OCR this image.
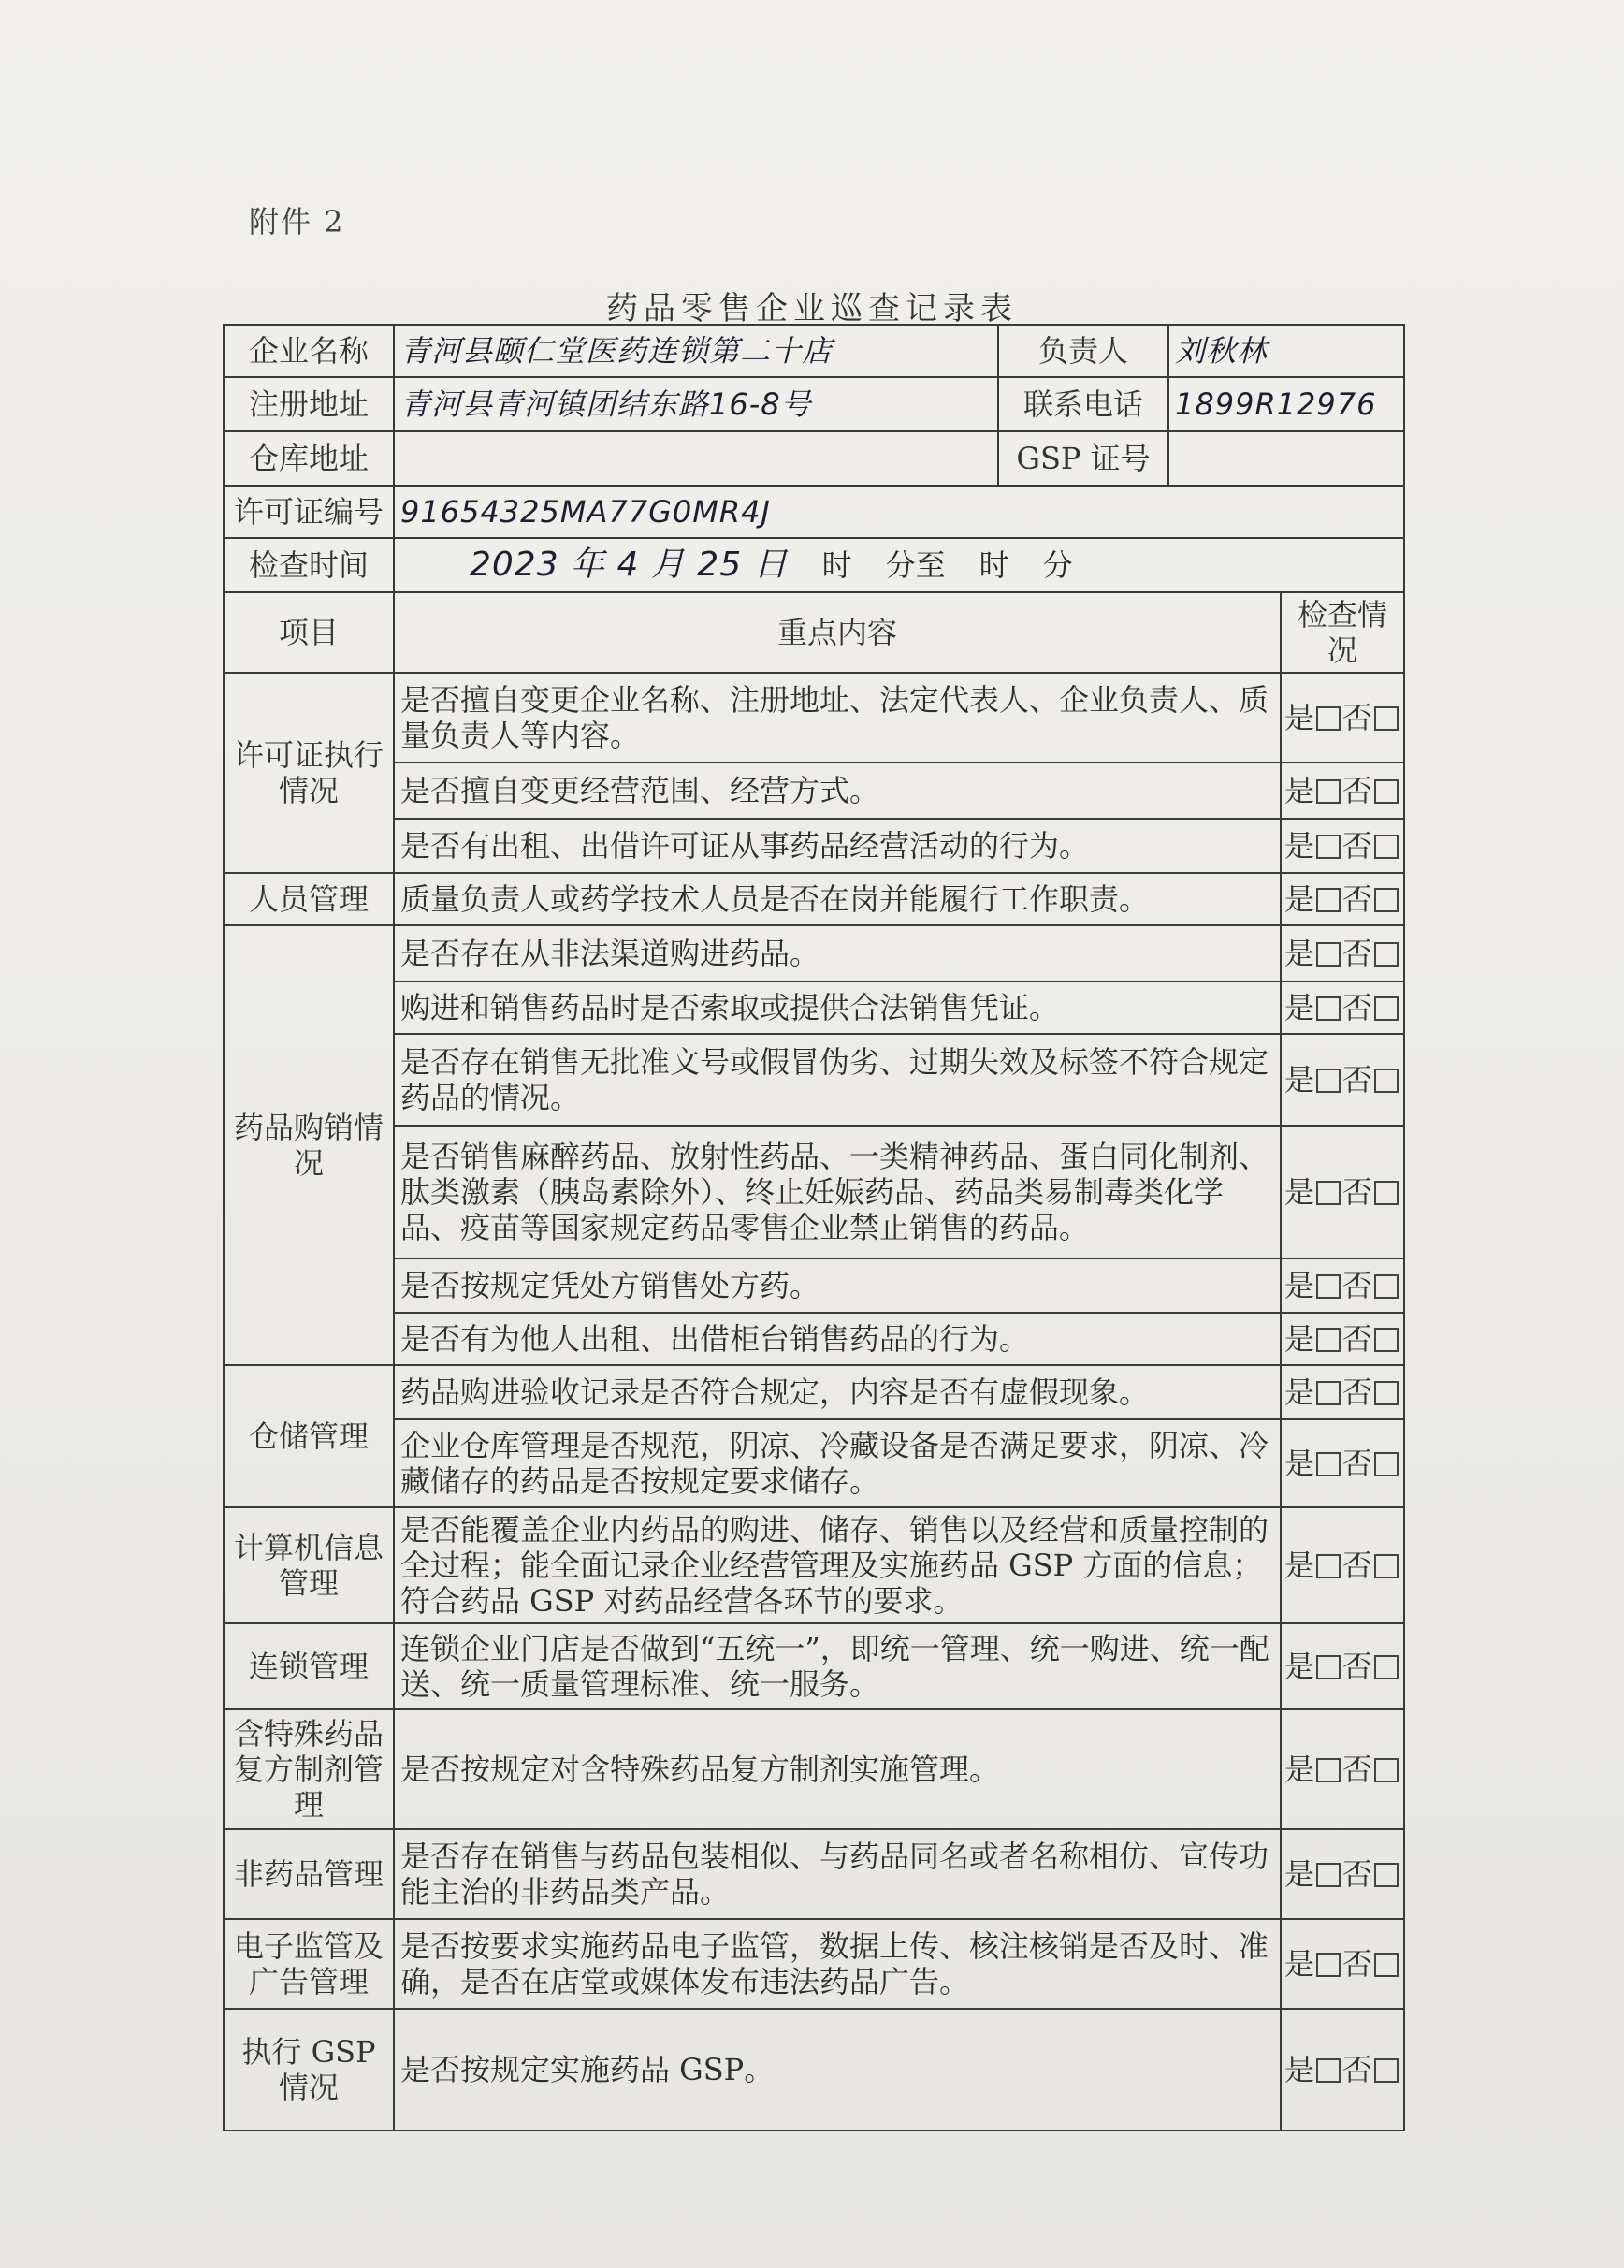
附件 2
药品零售企业巡查记录表
企业名称	青河县颐仁堂医药连锁第二十店	负责人	刘秋林	
注册地址	青河县青河镇团结东路16-8号	联系电话	1899R12976	
仓库地址		GSP 证号		
许可证编号	91654325MA77G0MR4J			
检查时间	2023 年 4 月 25 日 时 分至 时 分			
项目	重点内容			检查情况
许可证执行情况	是否擅自变更企业名称、注册地址、法定代表人、企业负责人、质量负责人等内容。			是 否
	是否擅自变更经营范围、经营方式。			是 否
	是否有出租、出借许可证从事药品经营活动的行为。			是 否
人员管理	质量负责人或药学技术人员是否在岗并能履行工作职责。			是 否
药品购销情况	是否存在从非法渠道购进药品。			是 否
	购进和销售药品时是否索取或提供合法销售凭证。			是 否
	是否存在销售无批准文号或假冒伪劣、过期失效及标签不符合规定药品的情况。			是 否
	是否销售麻醉药品、放射性药品、一类精神药品、蛋白同化制剂、肽类激素（胰岛素除外）、终止妊娠药品、药品类易制毒类化学品、疫苗等国家规定药品零售企业禁止销售的药品。			是 否
	是否按规定凭处方销售处方药。			是 否
	是否有为他人出租、出借柜台销售药品的行为。			是 否
仓储管理	药品购进验收记录是否符合规定，内容是否有虚假现象。			是 否
	企业仓库管理是否规范，阴凉、冷藏设备是否满足要求，阴凉、冷藏储存的药品是否按规定要求储存。			是 否
计算机信息管理	是否能覆盖企业内药品的购进、储存、销售以及经营和质量控制的全过程；能全面记录企业经营管理及实施药品 GSP 方面的信息；符合药品 GSP 对药品经营各环节的要求。			是 否
连锁管理	连锁企业门店是否做到“五统一”，即统一管理、统一购进、统一配送、统一质量管理标准、统一服务。			是 否
含特殊药品复方制剂管理	是否按规定对含特殊药品复方制剂实施管理。			是 否
非药品管理	是否存在销售与药品包装相似、与药品同名或者名称相仿、宣传功能主治的非药品类产品。			是 否
电子监管及广告管理	是否按要求实施药品电子监管，数据上传、核注核销是否及时、准确，是否在店堂或媒体发布违法药品广告。			是 否
执行 GSP 情况	是否按规定实施药品 GSP。			是 否
